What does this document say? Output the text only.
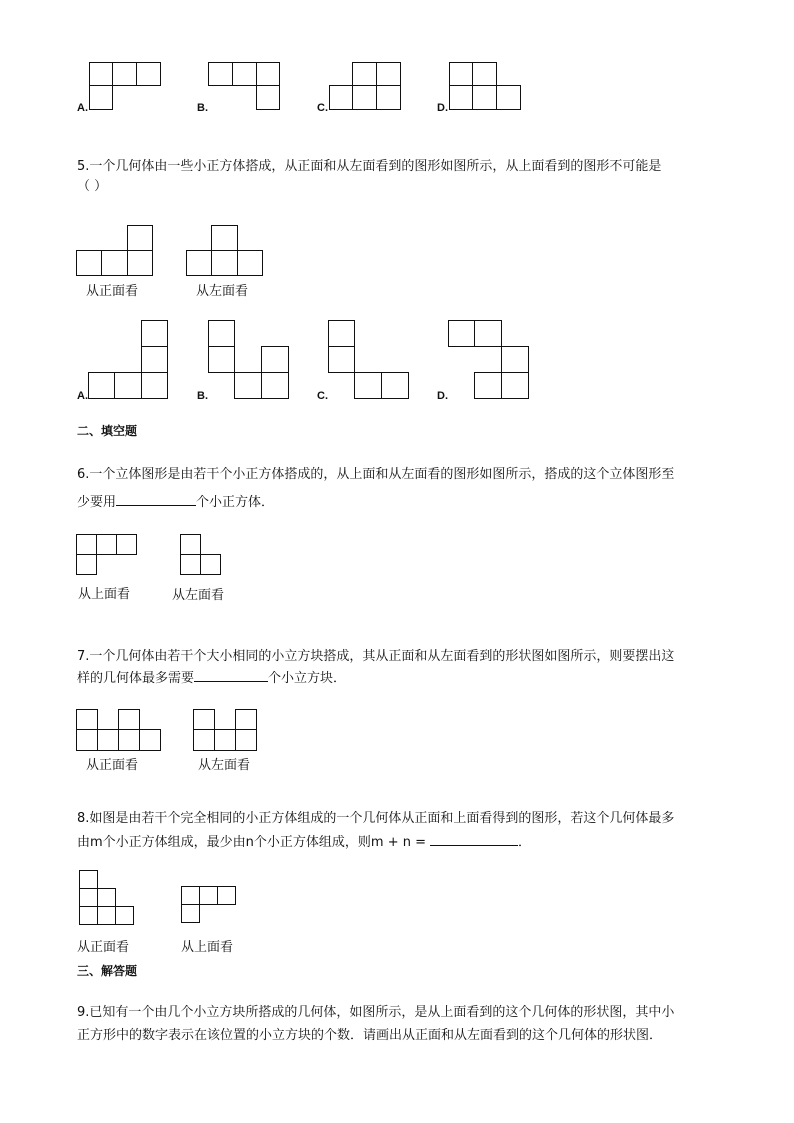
A.	B.	C.	D.
5.一个几何体由一些小正方体搭成，从正面和从左面看到的图形如图所示，从上面看到的图形不可能是
（ ）
从正面看	从左面看
A.	B.	C.	D.
二、填空题
6.一个立体图形是由若干个小正方体搭成的，从上面和从左面看的图形如图所示，搭成的这个立体图形至
少要用	个小正方体．
从上面看	从左面看
7.一个几何体由若干个大小相同的小立方块搭成，其从正面和从左面看到的形状图如图所示，则要摆出这
样的几何体最多需要	个小立方块．
从正面看	从左面看
8.如图是由若干个完全相同的小正方体组成的一个几何体从正面和上面看得到的图形，若这个几何体最多
由m个小正方体组成，最少由n个小正方体组成，则m + n =	．
从正面看	从上面看
三、解答题
9.已知有一个由几个小立方块所搭成的几何体，如图所示，是从上面看到的这个几何体的形状图，其中小
正方形中的数字表示在该位置的小立方块的个数．请画出从正面和从左面看到的这个几何体的形状图．
